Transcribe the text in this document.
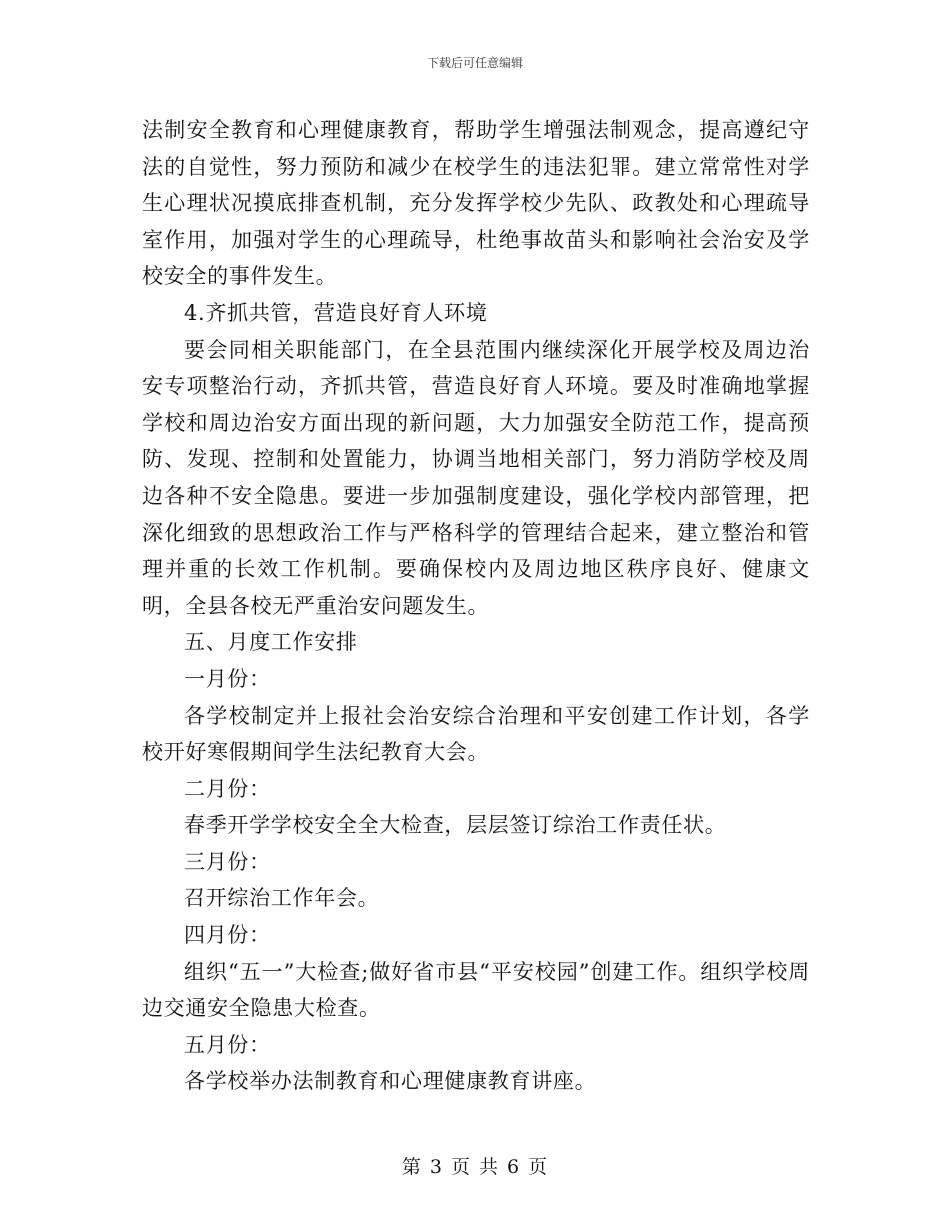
下载后可任意编辑

法制安全教育和心理健康教育，帮助学生增强法制观念，提高遵纪守法的自觉性，努力预防和减少在校学生的违法犯罪。建立常常性对学生心理状况摸底排查机制，充分发挥学校少先队、政教处和心理疏导室作用，加强对学生的心理疏导，杜绝事故苗头和影响社会治安及学校安全的事件发生。

4.齐抓共管，营造良好育人环境

要会同相关职能部门，在全县范围内继续深化开展学校及周边治安专项整治行动，齐抓共管，营造良好育人环境。要及时准确地掌握学校和周边治安方面出现的新问题，大力加强安全防范工作，提高预防、发现、控制和处置能力，协调当地相关部门，努力消防学校及周边各种不安全隐患。要进一步加强制度建设，强化学校内部管理，把深化细致的思想政治工作与严格科学的管理结合起来，建立整治和管理并重的长效工作机制。要确保校内及周边地区秩序良好、健康文明，全县各校无严重治安问题发生。

五、月度工作安排

一月份：

各学校制定并上报社会治安综合治理和平安创建工作计划，各学校开好寒假期间学生法纪教育大会。

二月份：

春季开学学校安全全大检查，层层签订综治工作责任状。

三月份：

召开综治工作年会。

四月份：

组织“五一”大检查;做好省市县“平安校园”创建工作。组织学校周边交通安全隐患大检查。

五月份：

各学校举办法制教育和心理健康教育讲座。

第 3 页 共 6 页
